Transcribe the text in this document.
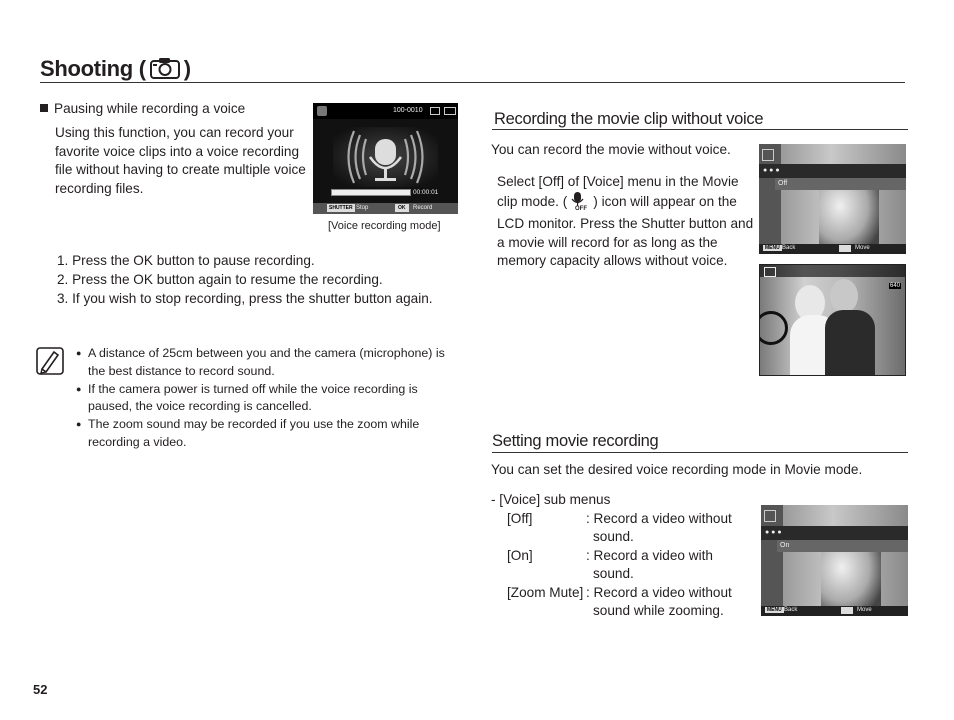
Shooting ( )
Pausing while recording a voice
Using this function, you can record your favorite voice clips into a voice recording file without having to create multiple voice recording files.
100-0010
00:00:01
SHUTTER Stop	OK	Record
[Voice recording mode]
1. Press the OK button to pause recording.
2. Press the OK button again to resume the recording.
3. If you wish to stop recording, press the shutter button again.
● A distance of 25cm between you and the camera (microphone) is the best distance to record sound.
● If the camera power is turned off while the voice recording is paused, the voice recording is cancelled.
● The zoom sound may be recorded if you use the zoom while recording a video.
Recording the movie clip without voice
You can record the movie without voice.
Select [Off] of [Voice] menu in the Movie clip mode. ( OFF ) icon will appear on the LCD monitor. Press the Shutter button and a movie will record for as long as the memory capacity allows without voice.
● ● ●
Off
MENU Back	Move
640
Setting movie recording
You can set the desired voice recording mode in Movie mode.
- [Voice] sub menus
[Off]	: Record a video without
sound.
[On]	: Record a video with
sound.
[Zoom Mute] : Record a video without
sound while zooming.
● ● ●
On
MENU Back	Move
52
